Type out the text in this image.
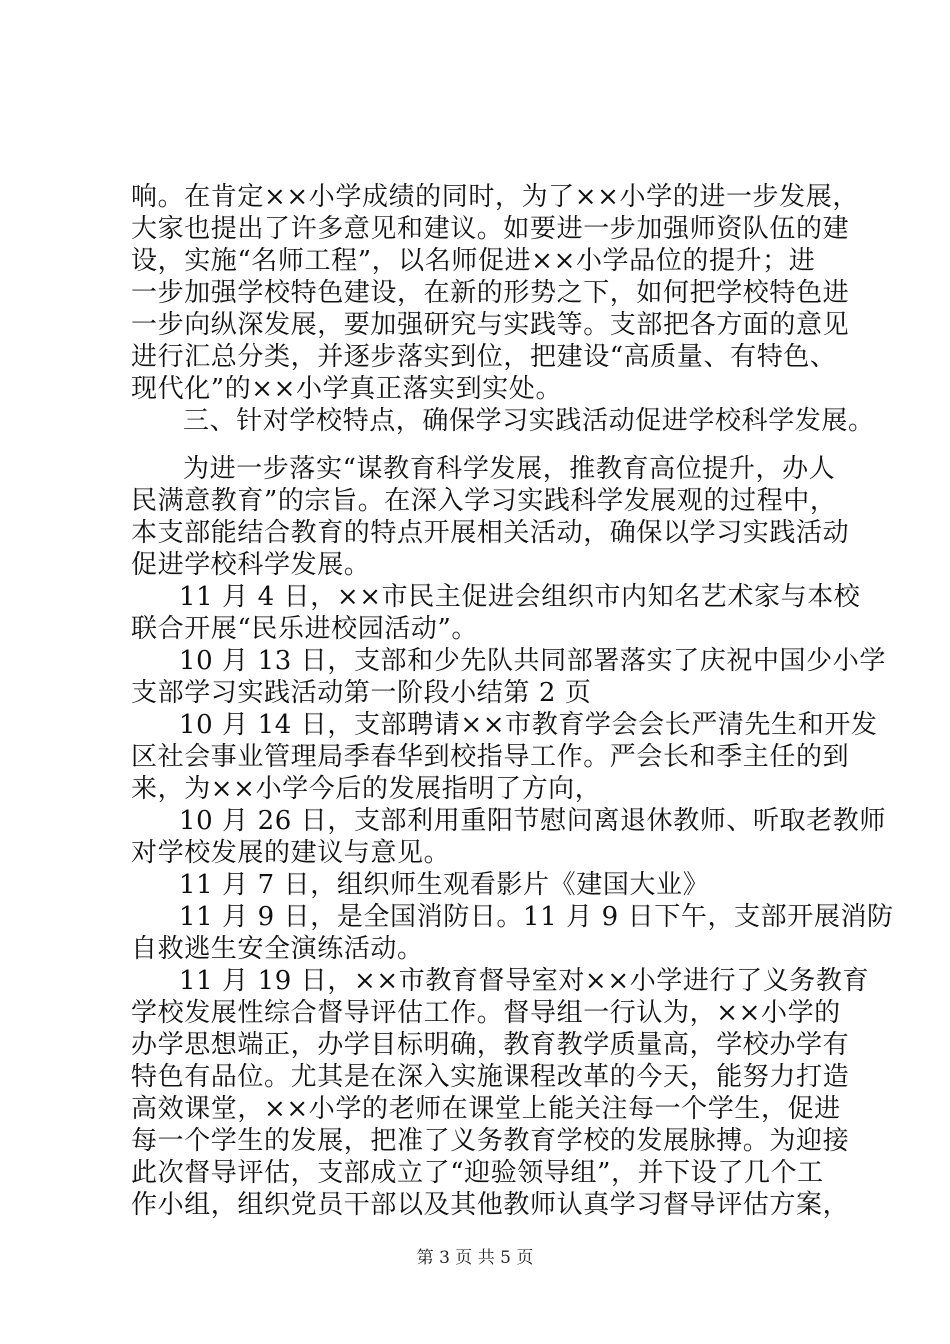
响。在肯定××小学成绩的同时，为了××小学的进一步发展，
大家也提出了许多意见和建议。如要进一步加强师资队伍的建
设，实施“名师工程”，以名师促进××小学品位的提升；进
一步加强学校特色建设，在新的形势之下，如何把学校特色进
一步向纵深发展，要加强研究与实践等。支部把各方面的意见
进行汇总分类，并逐步落实到位，把建设“高质量、有特色、
现代化”的××小学真正落实到实处。
三、针对学校特点，确保学习实践活动促进学校科学发展。
为进一步落实“谋教育科学发展，推教育高位提升，办人
民满意教育”的宗旨。在深入学习实践科学发展观的过程中，
本支部能结合教育的特点开展相关活动，确保以学习实践活动
促进学校科学发展。
11 月 4 日，××市民主促进会组织市内知名艺术家与本校
联合开展“民乐进校园活动”。
10 月 13 日，支部和少先队共同部署落实了庆祝中国少小学
支部学习实践活动第一阶段小结第 2 页
10 月 14 日，支部聘请××市教育学会会长严清先生和开发
区社会事业管理局季春华到校指导工作。严会长和季主任的到
来，为××小学今后的发展指明了方向，
10 月 26 日，支部利用重阳节慰问离退休教师、听取老教师
对学校发展的建议与意见。
11 月 7 日，组织师生观看影片《建国大业》
11 月 9 日，是全国消防日。11 月 9 日下午，支部开展消防
自救逃生安全演练活动。
11 月 19 日，××市教育督导室对××小学进行了义务教育
学校发展性综合督导评估工作。督导组一行认为，××小学的
办学思想端正，办学目标明确，教育教学质量高，学校办学有
特色有品位。尤其是在深入实施课程改革的今天，能努力打造
高效课堂，××小学的老师在课堂上能关注每一个学生，促进
每一个学生的发展，把准了义务教育学校的发展脉搏。为迎接
此次督导评估，支部成立了“迎验领导组”，并下设了几个工
作小组，组织党员干部以及其他教师认真学习督导评估方案，
第 3 页 共 5 页
